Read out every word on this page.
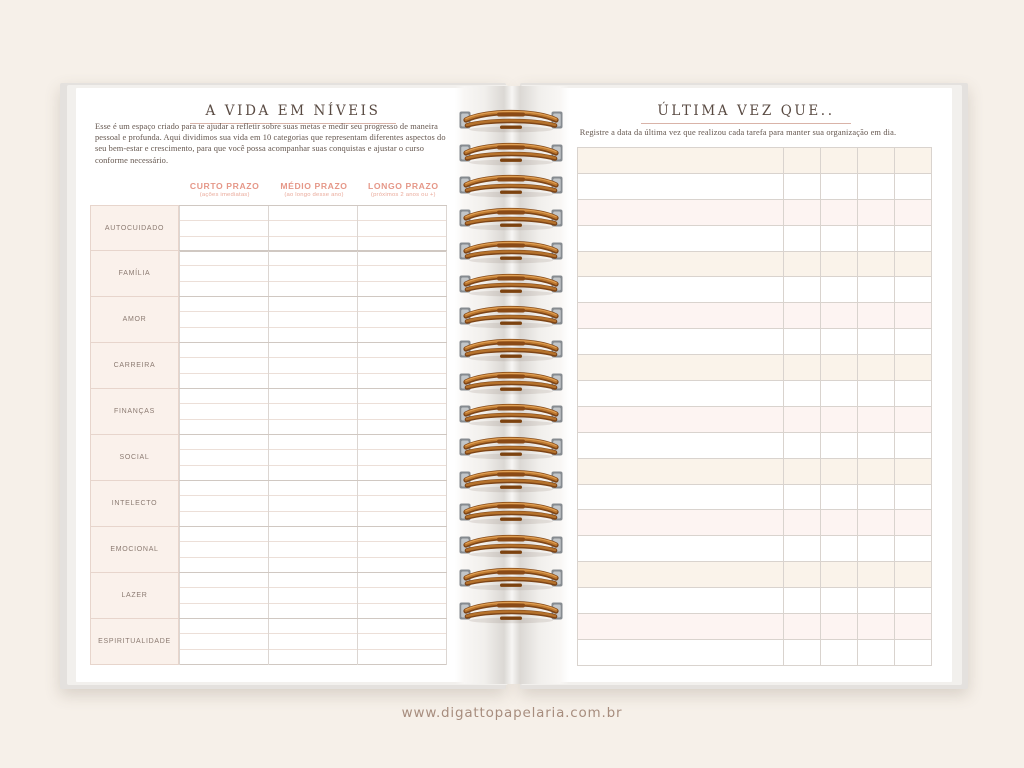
A VIDA EM NÍVEIS

Esse é um espaço criado para te ajudar a refletir sobre suas metas e medir seu progresso de maneira pessoal e profunda. Aqui dividimos sua vida em 10 categorias que representam diferentes aspectos do seu bem-estar e crescimento, para que você possa acompanhar suas conquistas e ajustar o curso conforme necessário.

CURTO PRAZO
(ações imediatas)
MÉDIO PRAZO
(ao longo desse ano)
LONGO PRAZO
(próximos 2 anos ou +)
AUTOCUIDADO
FAMÍLIA
AMOR
CARREIRA
FINANÇAS
SOCIAL
INTELECTO
EMOCIONAL
LAZER
ESPIRITUALIDADE
ÚLTIMA VEZ QUE..

Registre a data da última vez que realizou cada tarefa para manter sua organização em dia.

www.digattopapelaria.com.br
